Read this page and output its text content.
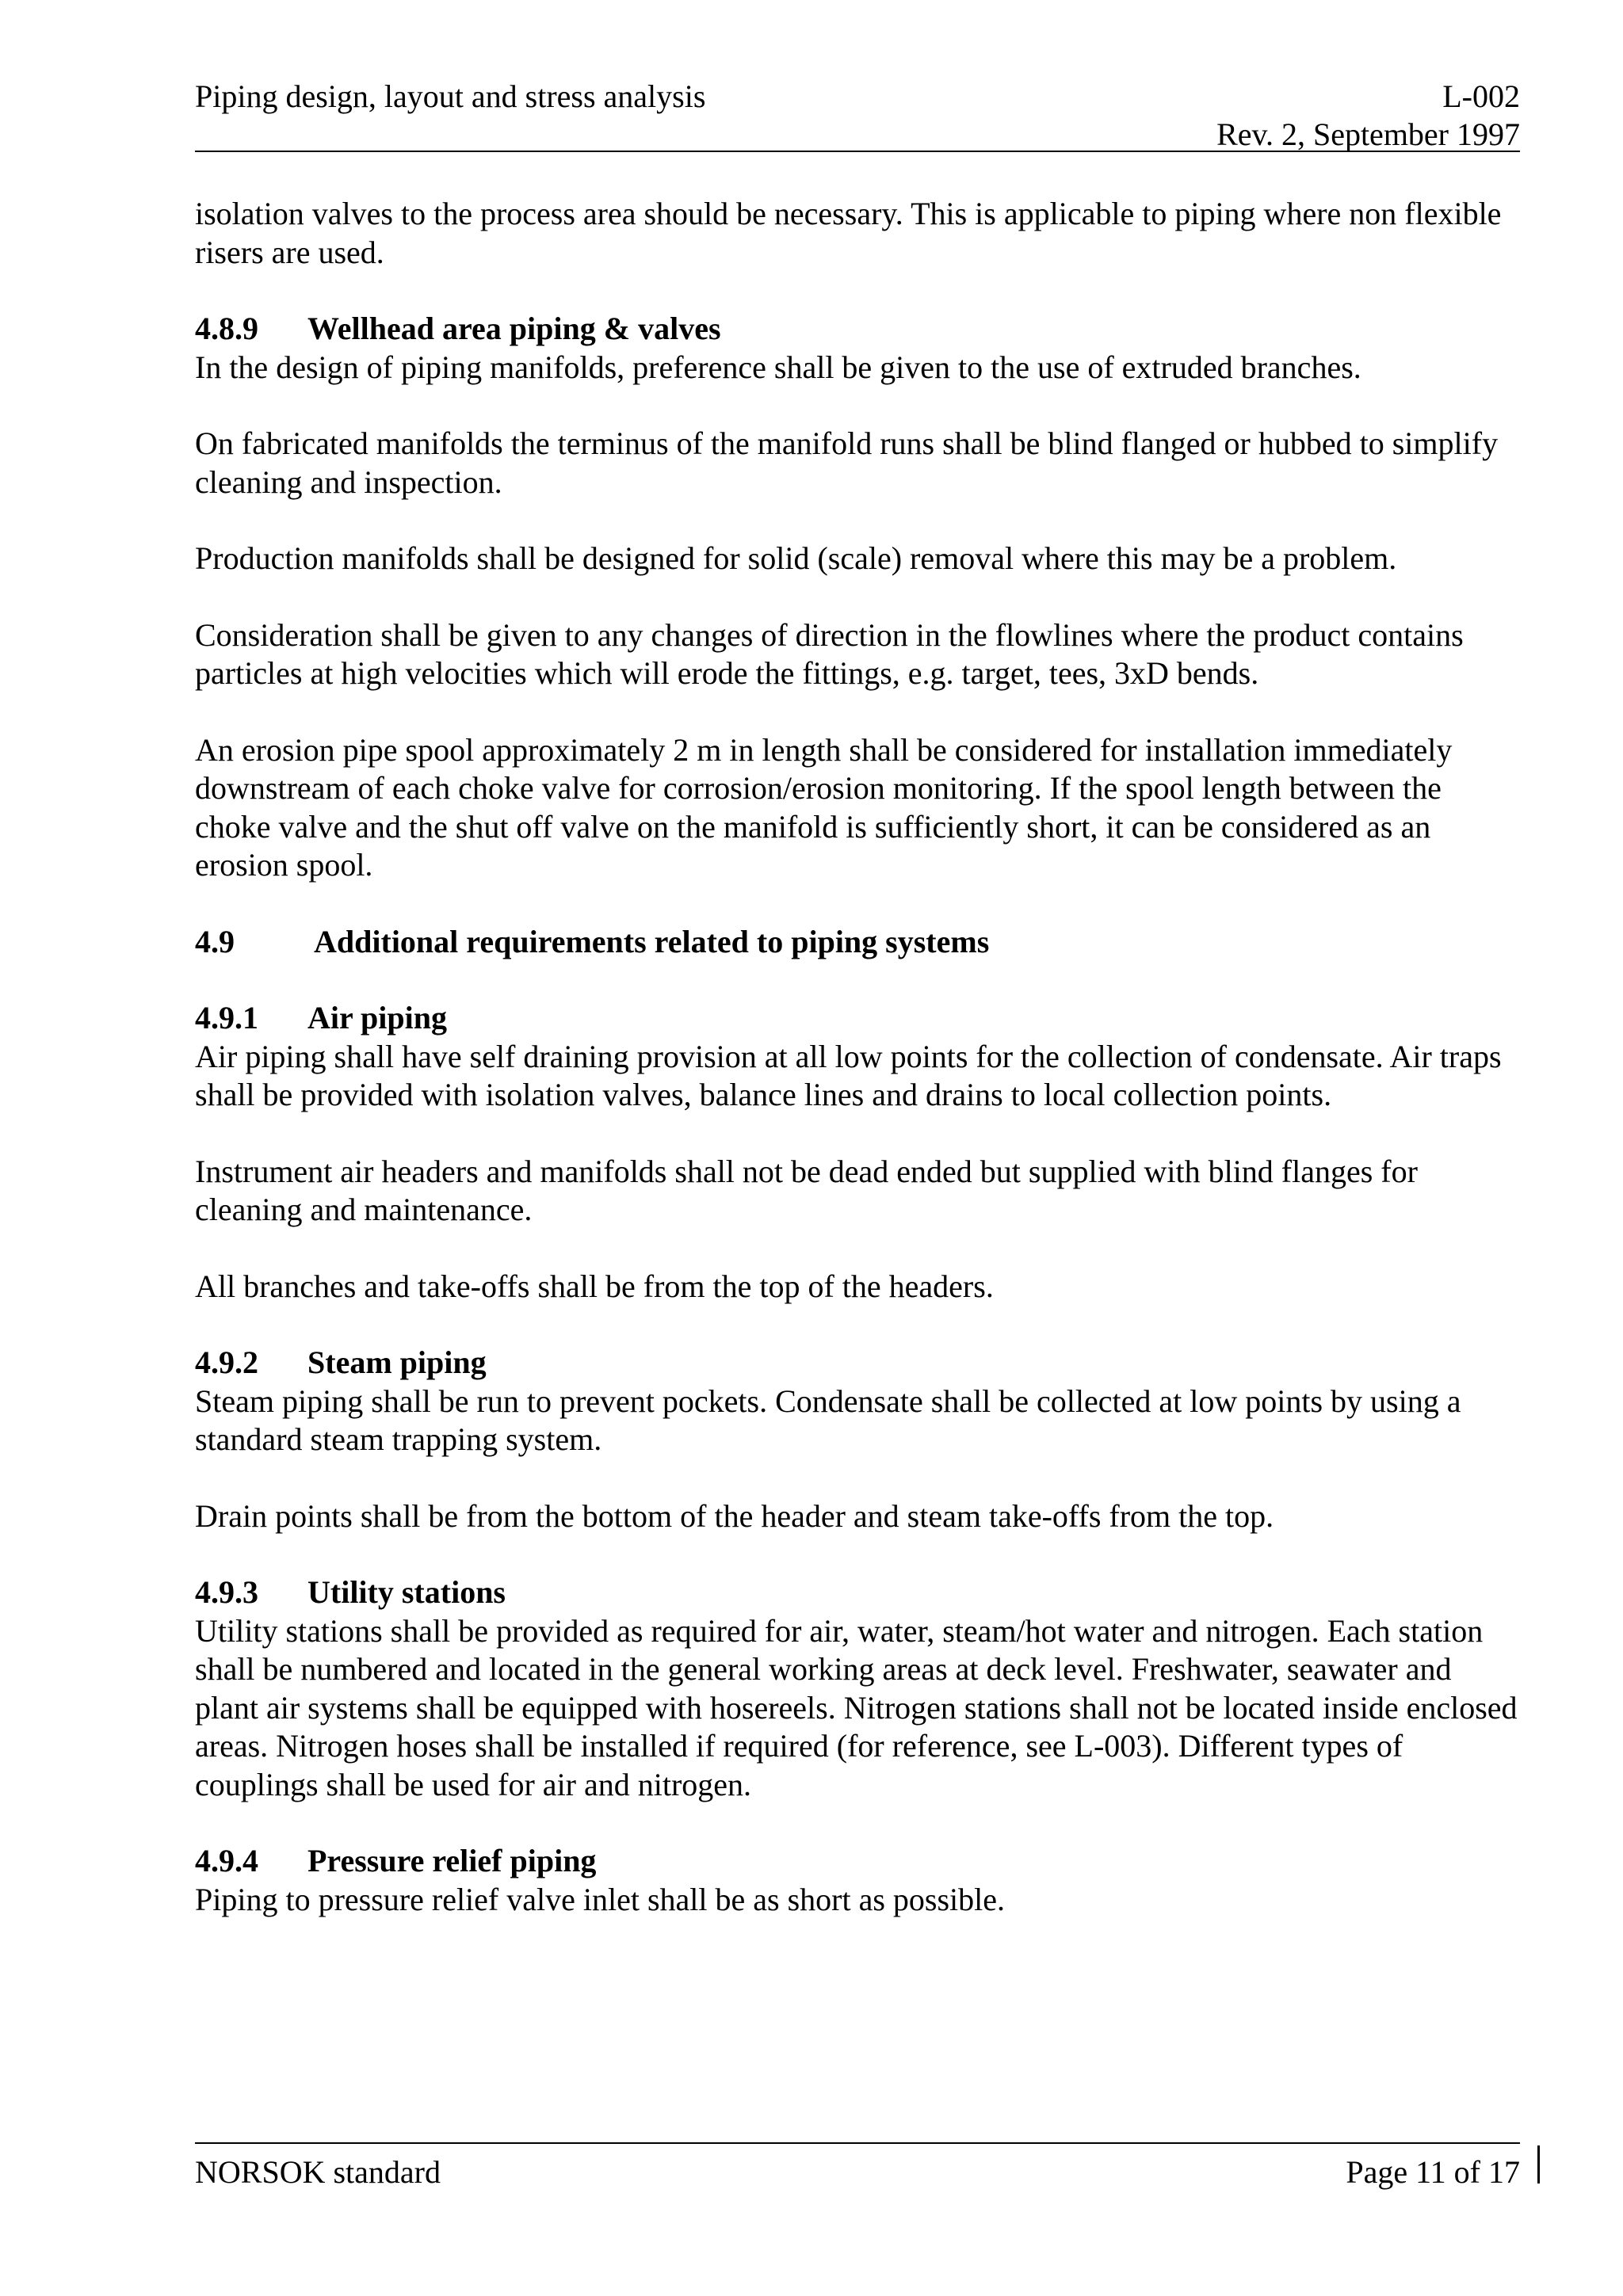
Piping design, layout and stress analysis	L-002
Rev. 2, September 1997

isolation valves to the process area should be necessary. This is applicable to piping where non flexible risers are used.

4.8.9 Wellhead area piping & valves

In the design of piping manifolds, preference shall be given to the use of extruded branches.

On fabricated manifolds the terminus of the manifold runs shall be blind flanged or hubbed to simplify cleaning and inspection.

Production manifolds shall be designed for solid (scale) removal where this may be a problem.

Consideration shall be given to any changes of direction in the flowlines where the product contains particles at high velocities which will erode the fittings, e.g. target, tees, 3xD bends.

An erosion pipe spool approximately 2 m in length shall be considered for installation immediately downstream of each choke valve for corrosion/erosion monitoring. If the spool length between the choke valve and the shut off valve on the manifold is sufficiently short, it can be considered as an erosion spool.

4.9	Additional requirements related to piping systems
4.9.1 Air piping

Air piping shall have self draining provision at all low points for the collection of condensate. Air traps shall be provided with isolation valves, balance lines and drains to local collection points.

Instrument air headers and manifolds shall not be dead ended but supplied with blind flanges for cleaning and maintenance.

All branches and take-offs shall be from the top of the headers.

4.9.2 Steam piping

Steam piping shall be run to prevent pockets. Condensate shall be collected at low points by using a standard steam trapping system.

Drain points shall be from the bottom of the header and steam take-offs from the top.

4.9.3 Utility stations

Utility stations shall be provided as required for air, water, steam/hot water and nitrogen. Each station shall be numbered and located in the general working areas at deck level. Freshwater, seawater and plant air systems shall be equipped with hosereels. Nitrogen stations shall not be located inside enclosed areas. Nitrogen hoses shall be installed if required (for reference, see L-003). Different types of couplings shall be used for air and nitrogen.

4.9.4 Pressure relief piping

Piping to pressure relief valve inlet shall be as short as possible.

NORSOK standard	Page 11 of 17
